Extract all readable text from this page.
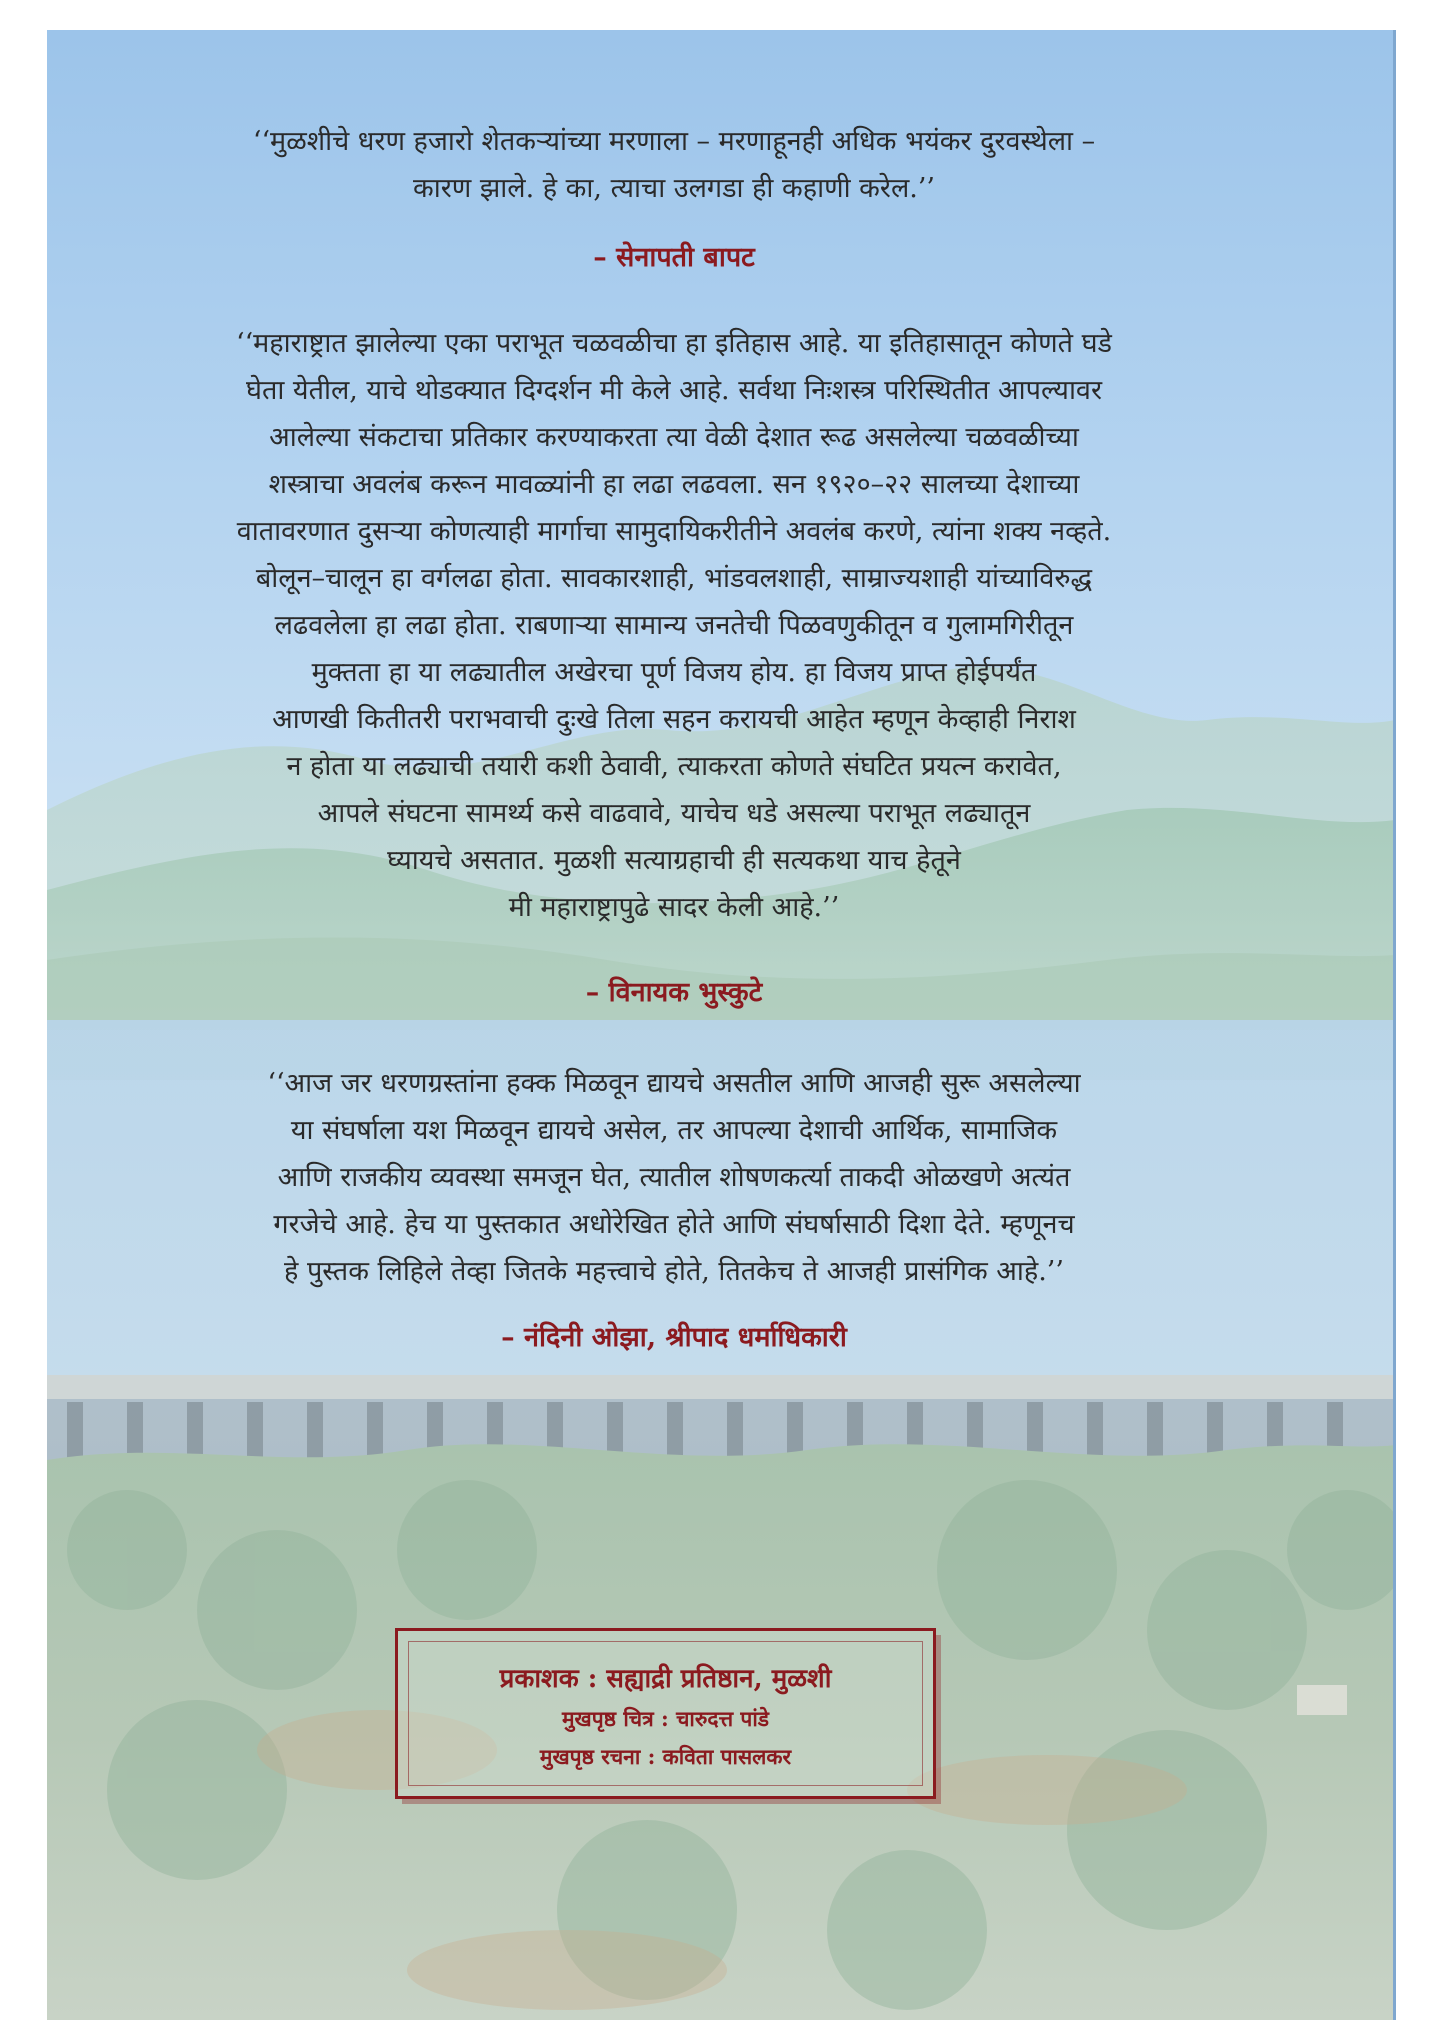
‘‘मुळशीचे धरण हजारो शेतकऱ्यांच्या मरणाला – मरणाहूनही अधिक भयंकर दुरवस्थेला –
कारण झाले. हे का, त्याचा उलगडा ही कहाणी करेल.’’
– सेनापती बापट
‘‘महाराष्ट्रात झालेल्या एका पराभूत चळवळीचा हा इतिहास आहे. या इतिहासातून कोणते घडे
घेता येतील, याचे थोडक्यात दिग्दर्शन मी केले आहे. सर्वथा निःशस्त्र परिस्थितीत आपल्यावर
आलेल्या संकटाचा प्रतिकार करण्याकरता त्या वेळी देशात रूढ असलेल्या चळवळीच्या
शस्त्राचा अवलंब करून मावळ्यांनी हा लढा लढवला. सन १९२०–२२ सालच्या देशाच्या
वातावरणात दुसऱ्या कोणत्याही मार्गाचा सामुदायिकरीतीने अवलंब करणे, त्यांना शक्य नव्हते.
बोलून–चालून हा वर्गलढा होता. सावकारशाही, भांडवलशाही, साम्राज्यशाही यांच्याविरुद्ध
लढवलेला हा लढा होता. राबणाऱ्या सामान्य जनतेची पिळवणुकीतून व गुलामगिरीतून
मुक्तता हा या लढ्यातील अखेरचा पूर्ण विजय होय. हा विजय प्राप्त होईपर्यंत
आणखी कितीतरी पराभवाची दुःखे तिला सहन करायची आहेत म्हणून केव्हाही निराश
न होता या लढ्याची तयारी कशी ठेवावी, त्याकरता कोणते संघटित प्रयत्न करावेत,
आपले संघटना सामर्थ्य कसे वाढवावे, याचेच धडे असल्या पराभूत लढ्यातून
घ्यायचे असतात. मुळशी सत्याग्रहाची ही सत्यकथा याच हेतूने
मी महाराष्ट्रापुढे सादर केली आहे.’’
– विनायक भुस्कुटे
‘‘आज जर धरणग्रस्तांना हक्क मिळवून द्यायचे असतील आणि आजही सुरू असलेल्या
या संघर्षाला यश मिळवून द्यायचे असेल, तर आपल्या देशाची आर्थिक, सामाजिक
आणि राजकीय व्यवस्था समजून घेत, त्यातील शोषणकर्त्या ताकदी ओळखणे अत्यंत
गरजेचे आहे. हेच या पुस्तकात अधोरेखित होते आणि संघर्षासाठी दिशा देते. म्हणूनच
हे पुस्तक लिहिले तेव्हा जितके महत्त्वाचे होते, तितकेच ते आजही प्रासंगिक आहे.’’
– नंदिनी ओझा, श्रीपाद धर्माधिकारी
प्रकाशक : सह्याद्री प्रतिष्ठान, मुळशी
मुखपृष्ठ चित्र : चारुदत्त पांडे
मुखपृष्ठ रचना : कविता पासलकर
